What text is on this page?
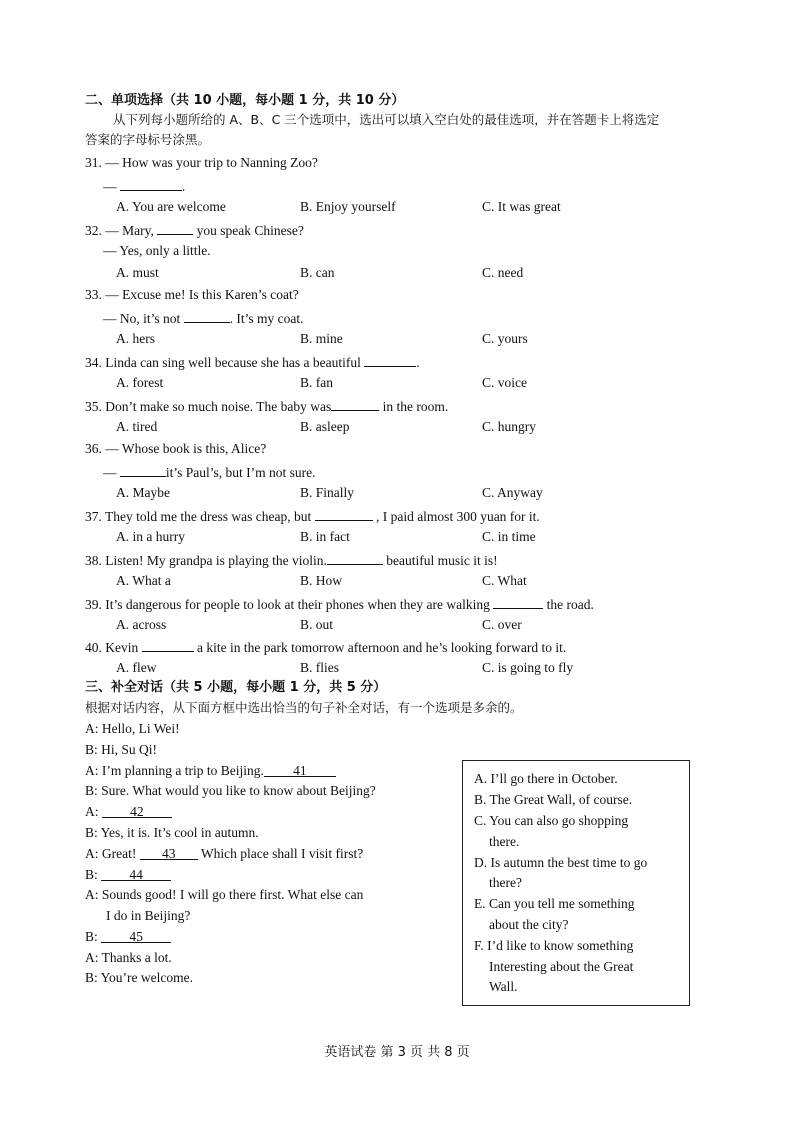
二、单项选择（共 10 小题，每小题 1 分，共 10 分）
从下列每小题所给的 A、B、C 三个选项中，选出可以填入空白处的最佳选项，并在答题卡上将选定
答案的字母标号涂黑。
31. — How was your trip to Nanning Zoo?
—	.
A. You are welcome	B. Enjoy yourself	C. It was great
32. — Mary,	you speak Chinese?
— Yes, only a little.
A. must	B. can	C. need
33. — Excuse me! Is this Karen’s coat?
— No, it’s not	. It’s my coat.
A. hers	B. mine	C. yours
34. Linda can sing well because she has a beautiful	.
A. forest	B. fan	C. voice
35. Don’t make so much noise. The baby was	in the room.
A. tired	B. asleep	C. hungry
36. — Whose book is this, Alice?
—	it’s Paul’s, but I’m not sure.
A. Maybe	B. Finally	C. Anyway
37. They told me the dress was cheap, but	, I paid almost 300 yuan for it.
A. in a hurry	B. in fact	C. in time
38. Listen! My grandpa is playing the violin.	beautiful music it is!
A. What a	B. How	C. What
39. It’s dangerous for people to look at their phones when they are walking	the road.
A. across	B. out	C. over
40. Kevin	a kite in the park tomorrow afternoon and he’s looking forward to it.
A. flew	B. flies	C. is going to fly
三、补全对话（共 5 小题，每小题 1 分，共 5 分）
根据对话内容，从下面方框中选出恰当的句子补全对话，有一个选项是多余的。
A: Hello, Li Wei!
B: Hi, Su Qi!
A: I’m planning a trip to Beijing. 41
B: Sure. What would you like to know about Beijing?
A: 42
B: Yes, it is. It’s cool in autumn.
A: Great! 43 Which place shall I visit first?
B: 44
A: Sounds good! I will go there first. What else can
I do in Beijing?
B: 45
A: Thanks a lot.
B: You’re welcome.
A. I’ll go there in October.
B. The Great Wall, of course.
C. You can also go shopping
there.
D. Is autumn the best time to go
there?
E. Can you tell me something
about the city?
F. I’d like to know something
Interesting about the Great
Wall.
英语试卷 第 3 页 共 8 页
